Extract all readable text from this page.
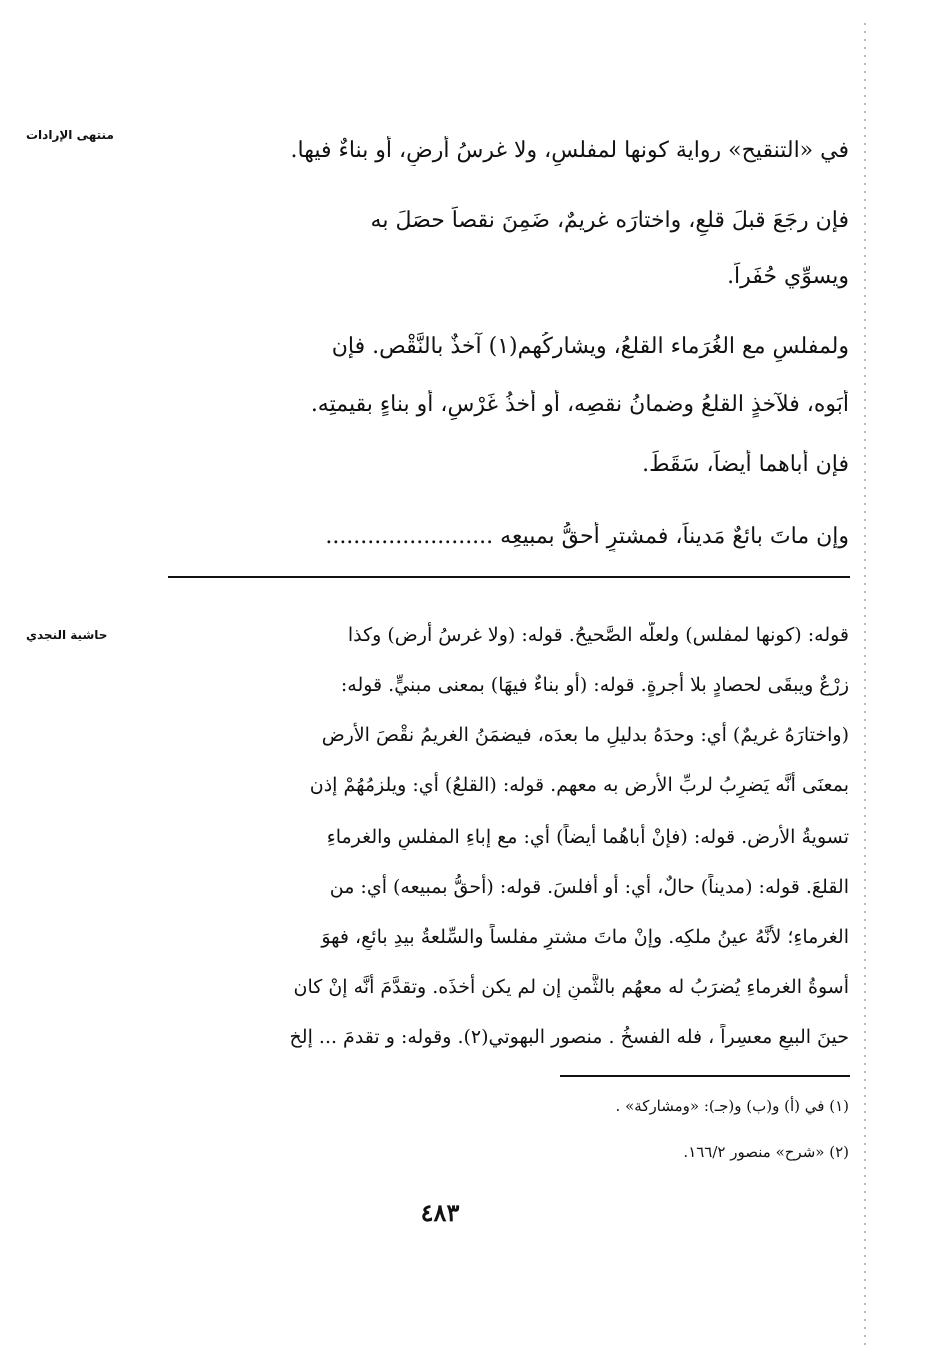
منتهى الإرادات
حاشية النجدي
في «التنقيح» رواية كونها لمفلسٍ، ولا غرسُ أرضٍ، أو بناءٌ فيها.
فإن رجَعَ قبلَ قلعٍ، واختارَه غريمٌ، ضَمِنَ نقصاً حصَلَ به
ويسوِّي حُفَراً.
ولمفلسٍ مع الغُرَماء القلعُ، ويشاركُهم(١) آخذٌ بالنَّقْص. فإن
أبَوه، فلآخذٍ القلعُ وضمانُ نقصِه، أو أخذُ غَرْسٍ، أو بناءٍ بقيمتِه.
فإن أباهما أيضاً، سَقَطَ.
وإن ماتَ بائعٌ مَديناً، فمشترٍ أحقُّ بمبيعِه ........................
قوله: (كونها لمفلس) ولعلَّه الصَّحيحُ. قوله: (ولا غرسُ أرض) وكذا
زرْعٌ ويبقَى لحصادٍ بلا أجرةٍ. قوله: (أو بناءٌ فيهَا) بمعنى مبنيٍّ. قوله:
(واختارَهُ غريمٌ) أي: وحدَهُ بدليلِ ما بعدَه، فيضمَنُ الغريمُ نقْصَ الأرضِ
بمعنَى أنَّه يَضرِبُ لربِّ الأرضِ به معهم. قوله: (القلعُ) أي: ويلزمُهُمْ إذن
تسويةُ الأرضِ. قوله: (فإنْ أباهُما أيضاً) أي: مع إباءِ المفلسِ والغرماءِ
القلعَ. قوله: (مديناً) حالٌ، أي: أو أفلسَ. قوله: (أحقُّ بمبيعه) أي: من
الغرماءِ؛ لأنَّهُ عينُ ملكِه. وإنْ ماتَ مشترٍ مفلساً والسِّلعةُ بيدِ بائعٍ، فهوَ
أسوةُ الغرماءِ يُضرَبُ له معهُم بالثَّمنِ إن لم يكن أخذَه. وتقدَّمَ أنَّه إنْ كان
حينَ البيعِ معسِراً ، فله الفسخُ . منصور البهوتي(٢). وقوله: و تقدمَ ... إلخ
(١) في (أ) و(ب) و(جـ): «ومشاركة» .
(٢) «شرح» منصور ١٦٦/٢.
٤٨٣
